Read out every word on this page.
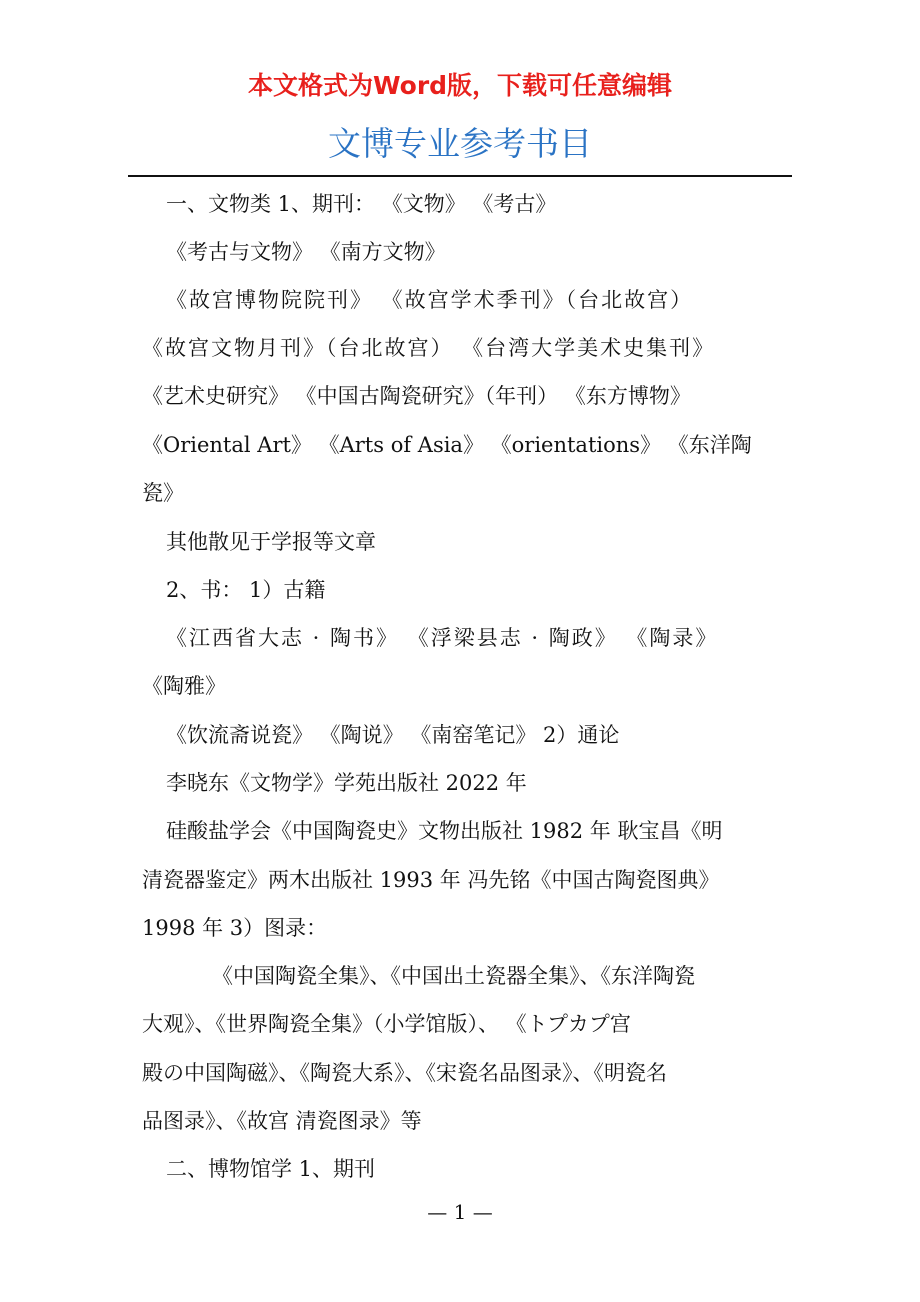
本文格式为Word版，下载可任意编辑
文博专业参考书目
一、文物类 1、期刊： 《文物》 《考古》
《考古与文物》 《南方文物》
《故宫博物院院刊》 《故宫学术季刊》（台北故宫）
《故宫文物月刊》（台北故宫） 《台湾大学美术史集刊》
《艺术史研究》 《中国古陶瓷研究》（年刊） 《东方博物》
《Oriental Art》 《Arts of Asia》 《orientations》 《东洋陶
瓷》
其他散见于学报等文章
2、书： 1）古籍
《江西省大志 · 陶书》 《浮梁县志 · 陶政》 《陶录》
《陶雅》
《饮流斋说瓷》 《陶说》 《南窑笔记》 2）通论
李晓东《文物学》学苑出版社 2022 年
硅酸盐学会《中国陶瓷史》文物出版社 1982 年 耿宝昌《明
清瓷器鉴定》两木出版社 1993 年 冯先铭《中国古陶瓷图典》
1998 年 3）图录：
《中国陶瓷全集》、《中国出土瓷器全集》、《东洋陶瓷
大观》、《世界陶瓷全集》（小学馆版）、 《トプカプ宫
殿の中国陶磁》、《陶瓷大系》、《宋瓷名品图录》、《明瓷名
品图录》、《故宫 清瓷图录》等
二、博物馆学 1、期刊
— 1 —
